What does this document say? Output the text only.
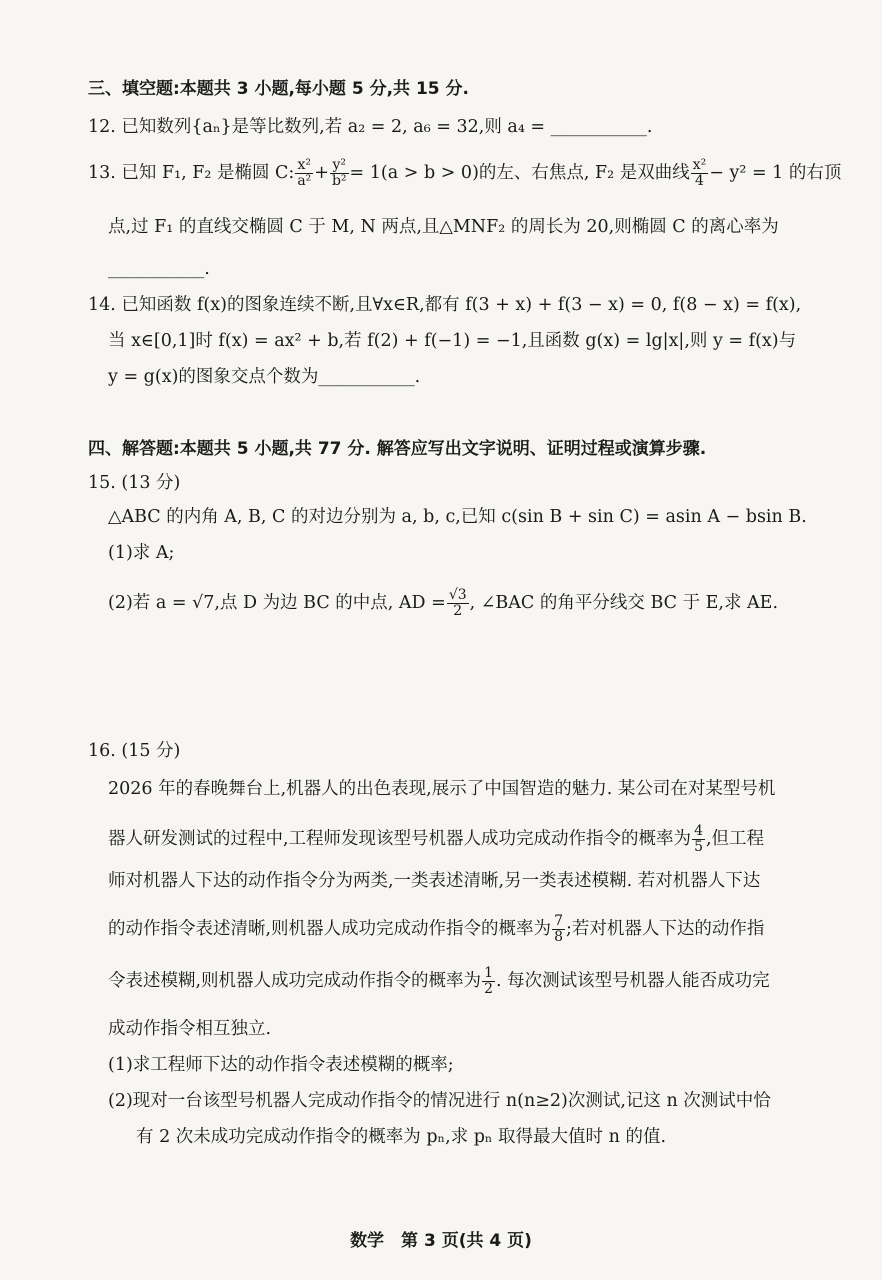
三、填空题:本题共 3 小题,每小题 5 分,共 15 分.
12. 已知数列{aₙ}是等比数列,若 a₂ = 2, a₆ = 32,则 a₄ = ___________.
13. 已知 F₁, F₂ 是椭圆 C: $\frac{\text{x²}}{\text{a²}} + \frac{\text{y²}}{\text{b²}} = 1(a > b > 0)$的左、右焦点, F₂ 是双曲线 $\frac{\text{x²}}{4} - y^2 = 1$ 的右顶
点,过 F₁ 的直线交椭圆 C 于 M, N 两点,且△MNF₂ 的周长为 20,则椭圆 C 的离心率为
___________.
14. 已知函数 f(x)的图象连续不断,且∀x∈R,都有 f(3 + x) + f(3 − x) = 0, f(8 − x) = f(x),
当 x∈[0,1]时 f(x) = ax² + b,若 f(2) + f(−1) = −1,且函数 g(x) = lg|x|,则 y = f(x)与
y = g(x)的图象交点个数为___________.
四、解答题:本题共 5 小题,共 77 分. 解答应写出文字说明、证明过程或演算步骤.
15. (13 分)
△ABC 的内角 A, B, C 的对边分别为 a, b, c,已知 c(sin B + sin C) = asin A − bsin B.
(1)求 A;
(2)若 a = √7,点 D 为边 BC 的中点, AD = $\frac{√3}{2}$ , ∠BAC 的角平分线交 BC 于 E,求 AE.
16. (15 分)
2026 年的春晚舞台上,机器人的出色表现,展示了中国智造的魅力. 某公司在对某型号机
器人研发测试的过程中,工程师发现该型号机器人成功完成动作指令的概率为 $\frac{4}{5}$ ,但工程
师对机器人下达的动作指令分为两类,一类表述清晰,另一类表述模糊. 若对机器人下达
的动作指令表述清晰,则机器人成功完成动作指令的概率为 $\frac{7}{8}$ ;若对机器人下达的动作指
令表述模糊,则机器人成功完成动作指令的概率为 $\frac{1}{2}$ . 每次测试该型号机器人能否成功完
成动作指令相互独立.
(1)求工程师下达的动作指令表述模糊的概率;
(2)现对一台该型号机器人完成动作指令的情况进行 n(n≥2)次测试,记这 n 次测试中恰
有 2 次未成功完成动作指令的概率为 pₙ,求 pₙ 取得最大值时 n 的值.
数学　第 3 页(共 4 页)
